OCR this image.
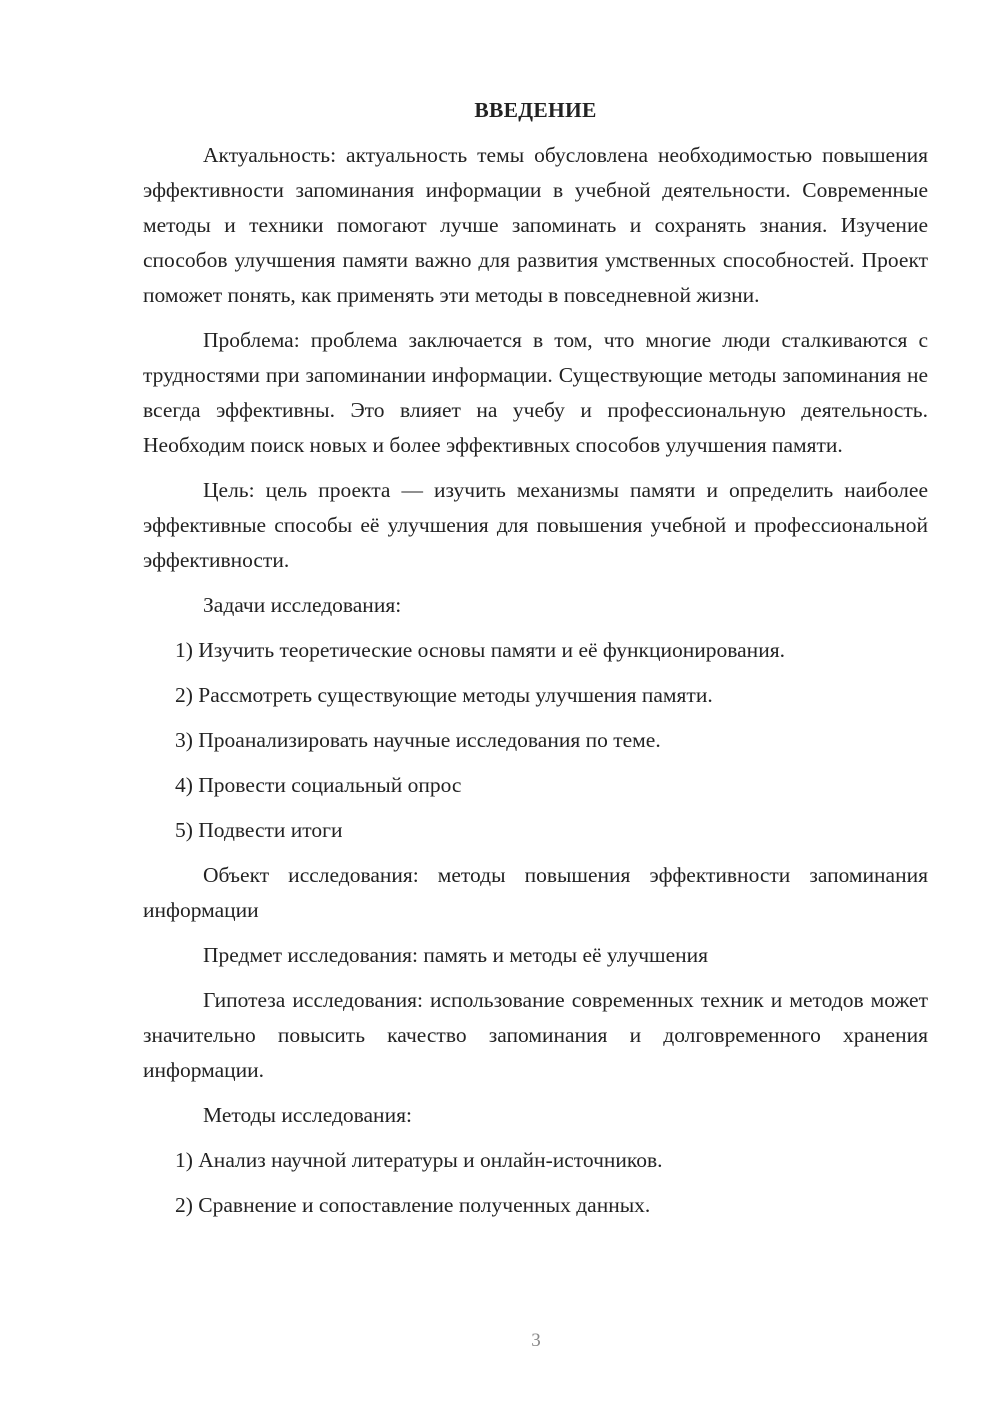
ВВЕДЕНИЕ
Актуальность: актуальность темы обусловлена необходимостью повышения эффективности запоминания информации в учебной деятельности. Современные методы и техники помогают лучше запоминать и сохранять знания. Изучение способов улучшения памяти важно для развития умственных способностей. Проект поможет понять, как применять эти методы в повседневной жизни.
Проблема: проблема заключается в том, что многие люди сталкиваются с трудностями при запоминании информации. Существующие методы запоминания не всегда эффективны. Это влияет на учебу и профессиональную деятельность. Необходим поиск новых и более эффективных способов улучшения памяти.
Цель: цель проекта — изучить механизмы памяти и определить наиболее эффективные способы её улучшения для повышения учебной и профессиональной эффективности.
Задачи исследования:
1) Изучить теоретические основы памяти и её функционирования.
2) Рассмотреть существующие методы улучшения памяти.
3) Проанализировать научные исследования по теме.
4) Провести социальный опрос
5) Подвести итоги
Объект исследования: методы повышения эффективности запоминания информации
Предмет исследования: память и методы её улучшения
Гипотеза исследования: использование современных техник и методов может значительно повысить качество запоминания и долговременного хранения информации.
Методы исследования:
1) Анализ научной литературы и онлайн-источников.
2) Сравнение и сопоставление полученных данных.
3
